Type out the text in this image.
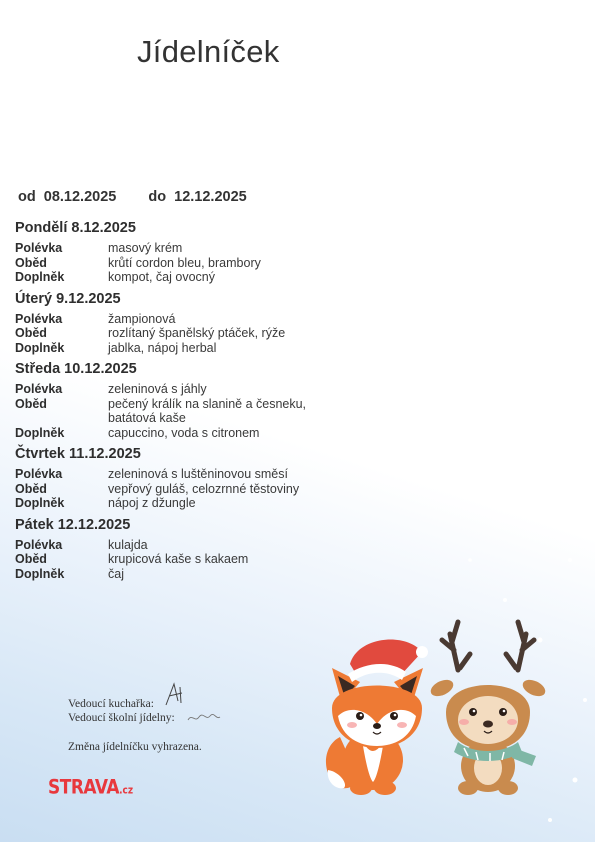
Jídelníček
od 08.12.2025 do 12.12.2025
Pondělí 8.12.2025
Polévka	masový krém
Oběd	krůtí cordon bleu, brambory
Doplněk	kompot, čaj ovocný
Úterý 9.12.2025
Polévka	žampionová
Oběd	rozlítaný španělský ptáček, rýže
Doplněk	jablka, nápoj herbal
Středa 10.12.2025
Polévka	zeleninová s jáhly
Oběd	pečený králík na slanině a česneku,
batátová kaše
Doplněk	capuccino, voda s citronem
Čtvrtek 11.12.2025
Polévka	zeleninová s luštěninovou směsí
Oběd	vepřový guláš, celozrnné těstoviny
Doplněk	nápoj z džungle
Pátek 12.12.2025
Polévka	kulajda
Oběd	krupicová kaše s kakaem
Doplněk	čaj
Vedoucí kuchařka:
Vedoucí školní jídelny:
Změna jídelníčku vyhrazena.
STRAVA.cz
